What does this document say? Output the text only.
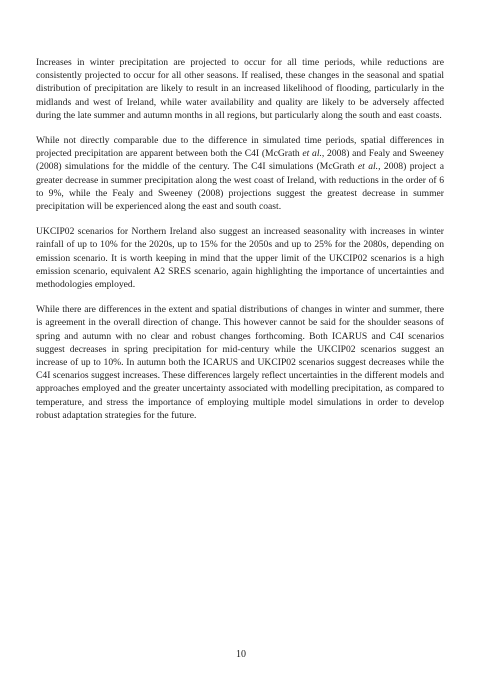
Increases in winter precipitation are projected to occur for all time periods, while reductions are consistently projected to occur for all other seasons. If realised, these changes in the seasonal and spatial distribution of precipitation are likely to result in an increased likelihood of flooding, particularly in the midlands and west of Ireland, while water availability and quality are likely to be adversely affected during the late summer and autumn months in all regions, but particularly along the south and east coasts.

While not directly comparable due to the difference in simulated time periods, spatial differences in projected precipitation are apparent between both the C4I (McGrath et al., 2008) and Fealy and Sweeney (2008) simulations for the middle of the century. The C4I simulations (McGrath et al., 2008) project a greater decrease in summer precipitation along the west coast of Ireland, with reductions in the order of 6 to 9%, while the Fealy and Sweeney (2008) projections suggest the greatest decrease in summer precipitation will be experienced along the east and south coast.

UKCIP02 scenarios for Northern Ireland also suggest an increased seasonality with increases in winter rainfall of up to 10% for the 2020s, up to 15% for the 2050s and up to 25% for the 2080s, depending on emission scenario. It is worth keeping in mind that the upper limit of the UKCIP02 scenarios is a high emission scenario, equivalent A2 SRES scenario, again highlighting the importance of uncertainties and methodologies employed.

While there are differences in the extent and spatial distributions of changes in winter and summer, there is agreement in the overall direction of change. This however cannot be said for the shoulder seasons of spring and autumn with no clear and robust changes forthcoming. Both ICARUS and C4I scenarios suggest decreases in spring precipitation for mid-century while the UKCIP02 scenarios suggest an increase of up to 10%. In autumn both the ICARUS and UKCIP02 scenarios suggest decreases while the C4I scenarios suggest increases. These differences largely reflect uncertainties in the different models and approaches employed and the greater uncertainty associated with modelling precipitation, as compared to temperature, and stress the importance of employing multiple model simulations in order to develop robust adaptation strategies for the future.

10
